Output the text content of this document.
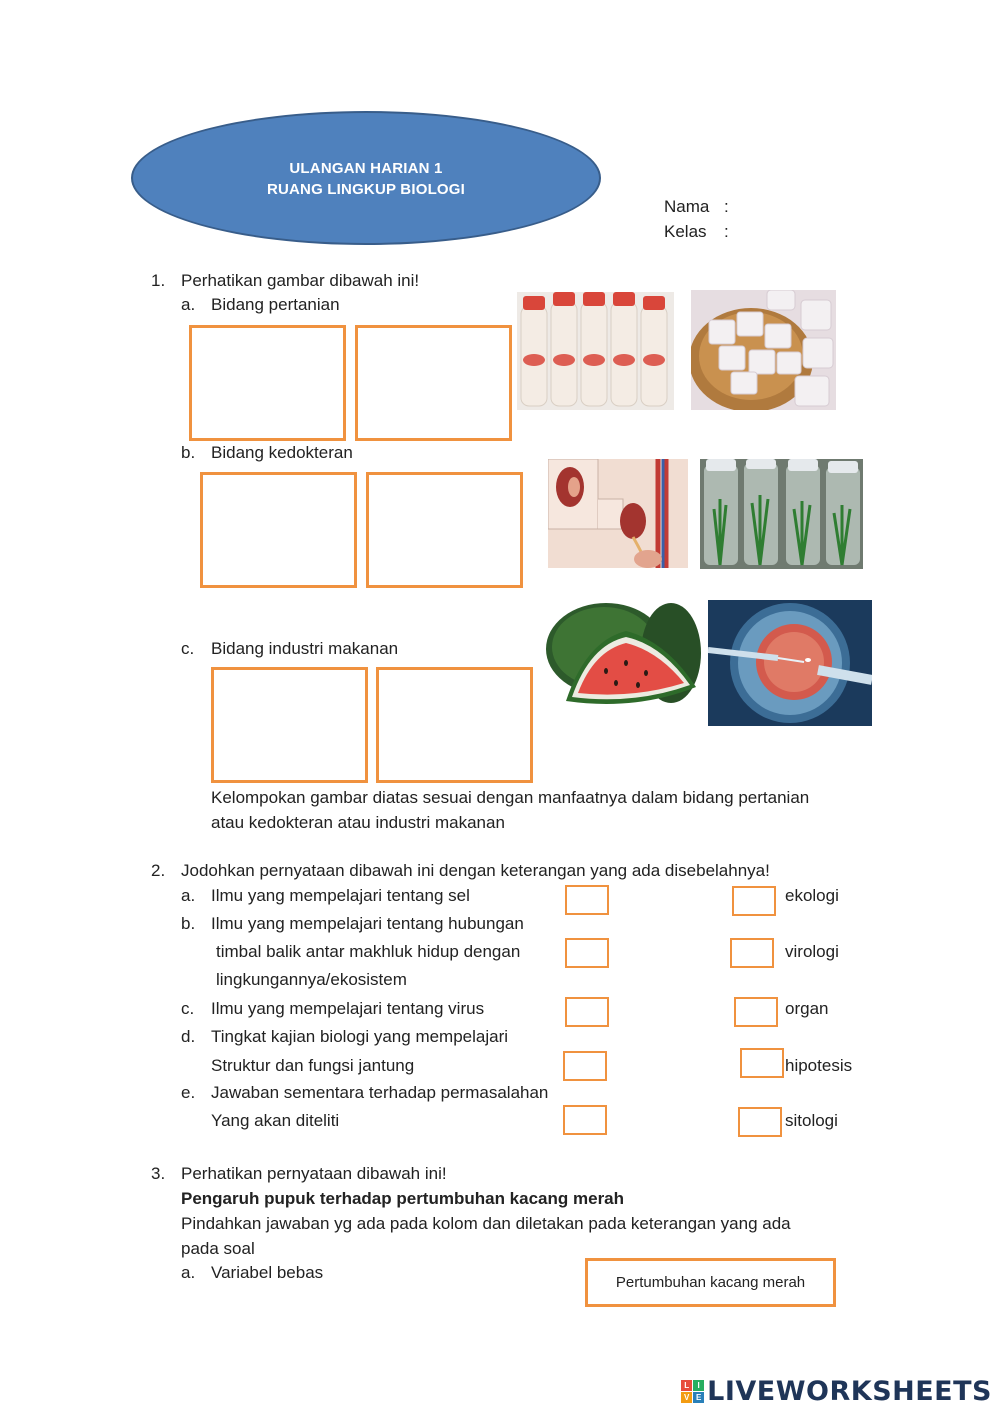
ULANGAN HARIAN 1
RUANG LINGKUP BIOLOGI
Nama :
Kelas :
1. Perhatikan gambar dibawah ini!
a. Bidang pertanian
b. Bidang kedokteran
c. Bidang industri makanan
Kelompokan gambar diatas sesuai dengan manfaatnya dalam bidang pertanian
atau kedokteran atau industri makanan
2. Jodohkan pernyataan dibawah ini dengan keterangan yang ada disebelahnya!
a. Ilmu yang mempelajari tentang sel
b. Ilmu yang mempelajari tentang hubungan
timbal balik antar makhluk hidup dengan
lingkungannya/ekosistem
c. Ilmu yang mempelajari tentang virus
d. Tingkat kajian biologi yang mempelajari
Struktur dan fungsi jantung
e. Jawaban sementara terhadap permasalahan
Yang akan diteliti
ekologi
virologi
organ
hipotesis
sitologi
3. Perhatikan pernyataan dibawah ini!
Pengaruh pupuk terhadap pertumbuhan kacang merah
Pindahkan jawaban yg ada pada kolom dan diletakan pada keterangan yang ada
pada soal
a. Variabel bebas
Pertumbuhan kacang merah
L	I
V E LIVEWORKSHEETS
